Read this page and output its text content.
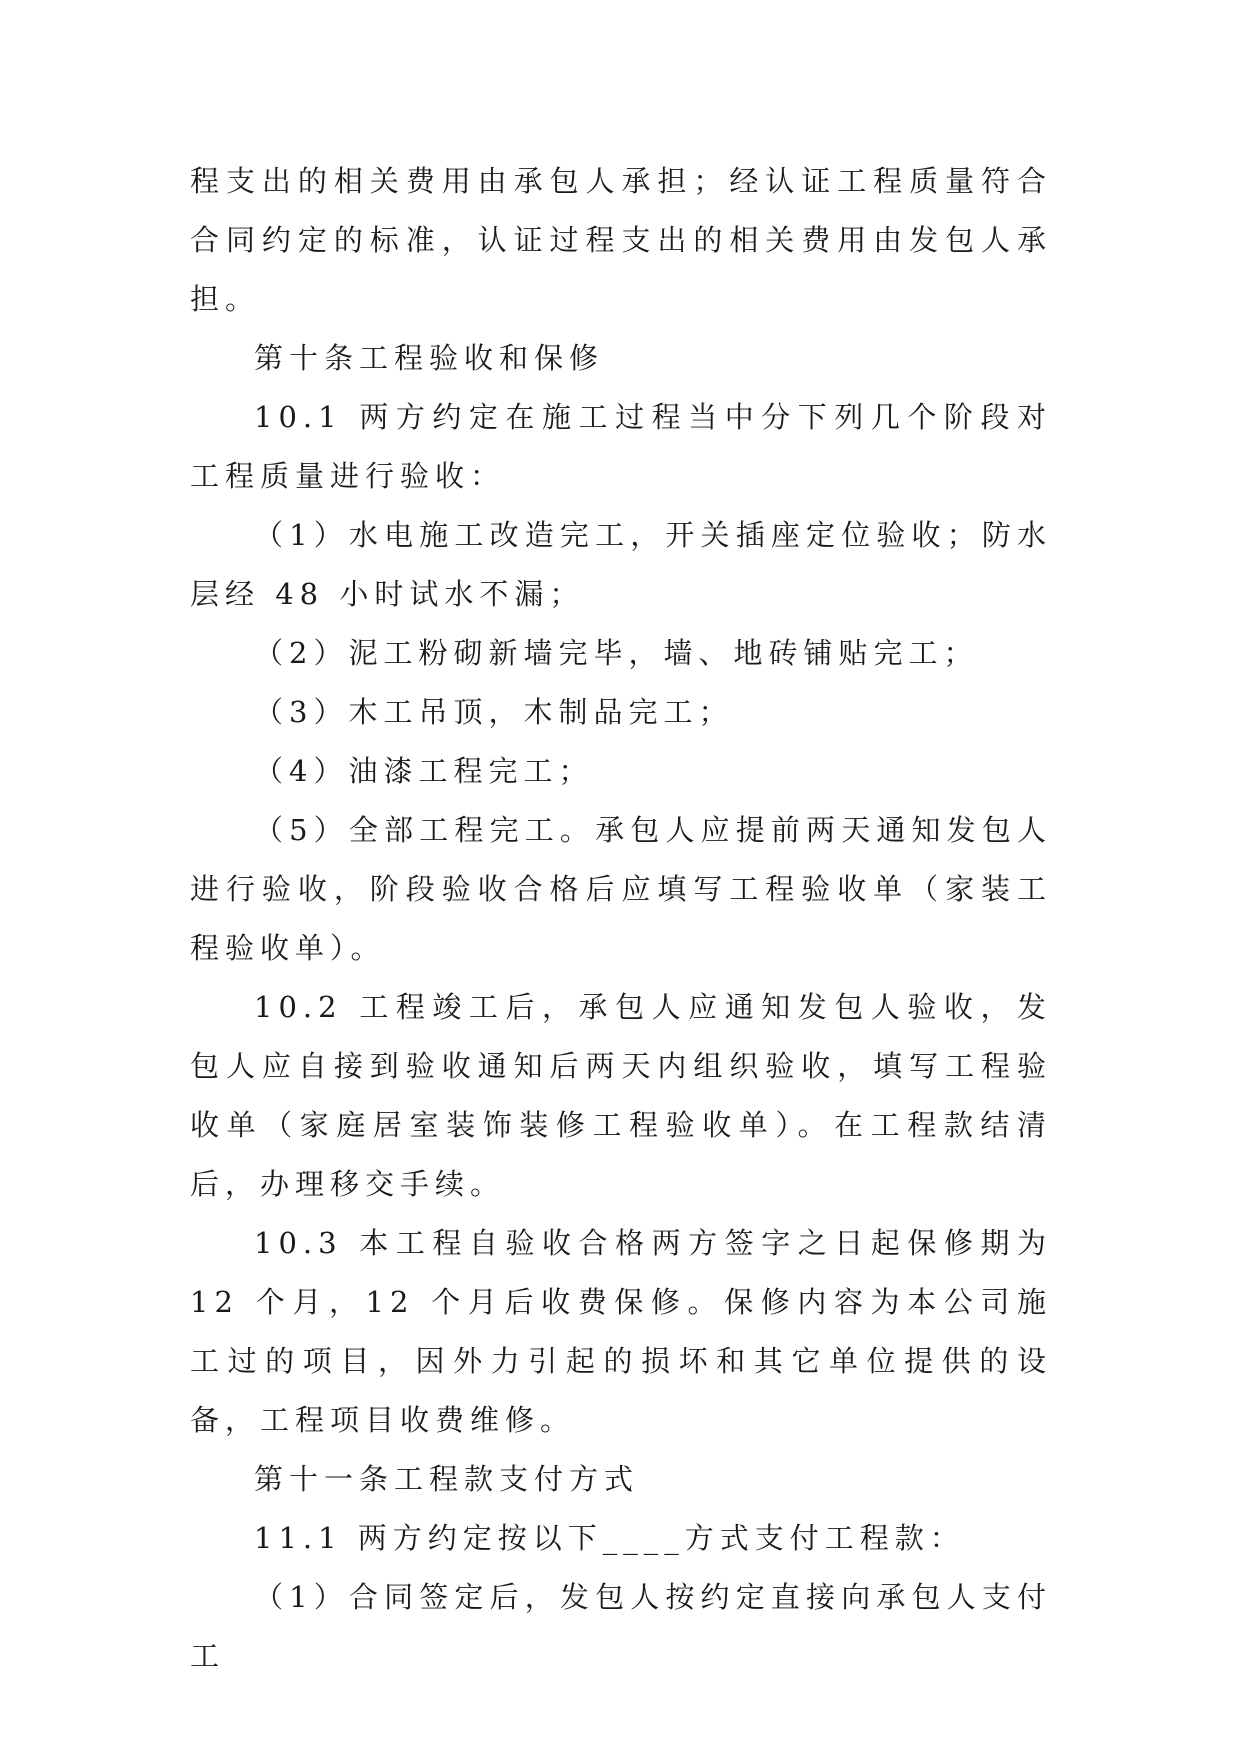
程支出的相关费用由承包人承担；经认证工程质量符合合同约定的标准，认证过程支出的相关费用由发包人承担。

第十条工程验收和保修

10.1 两方约定在施工过程当中分下列几个阶段对工程质量进行验收：

（1）水电施工改造完工，开关插座定位验收；防水层经 48 小时试水不漏；

（2）泥工粉砌新墙完毕，墙、地砖铺贴完工；

（3）木工吊顶，木制品完工；

（4）油漆工程完工；

（5）全部工程完工。承包人应提前两天通知发包人进行验收，阶段验收合格后应填写工程验收单（家装工程验收单）。

10.2 工程竣工后，承包人应通知发包人验收，发包人应自接到验收通知后两天内组织验收，填写工程验收单（家庭居室装饰装修工程验收单）。在工程款结清后，办理移交手续。

10.3 本工程自验收合格两方签字之日起保修期为 12 个月，12 个月后收费保修。保修内容为本公司施工过的项目，因外力引起的损坏和其它单位提供的设备，工程项目收费维修。

第十一条工程款支付方式

11.1 两方约定按以下____方式支付工程款：

（1）合同签定后，发包人按约定直接向承包人支付工
